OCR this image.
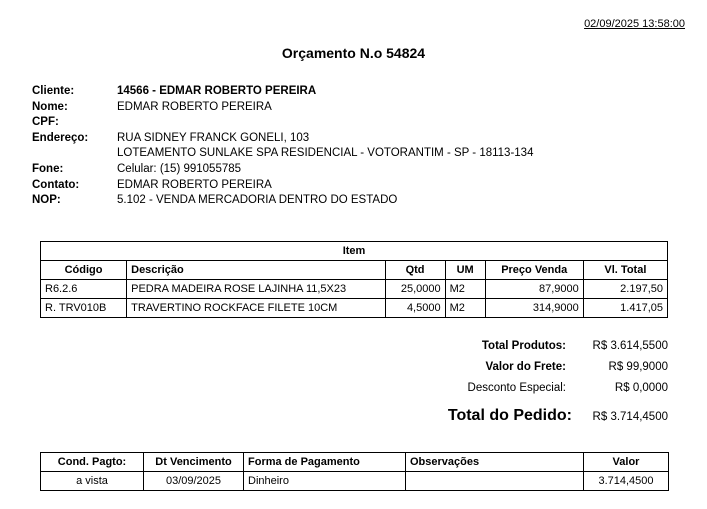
02/09/2025 13:58:00
Orçamento N.o 54824
Cliente:	14566 - EDMAR ROBERTO PEREIRA
Nome:	EDMAR ROBERTO PEREIRA
CPF:
Endereço:	RUA SIDNEY FRANCK GONELI, 103
LOTEAMENTO SUNLAKE SPA RESIDENCIAL - VOTORANTIM - SP - 18113-134
Fone:	Celular: (15) 991055785
Contato:	EDMAR ROBERTO PEREIRA
NOP:	5.102 - VENDA MERCADORIA DENTRO DO ESTADO
Item					
Código	Descrição	Qtd	UM	Preço Venda	Vl. Total
R6.2.6	PEDRA MADEIRA ROSE LAJINHA 11,5X23	25,0000	M2	87,9000	2.197,50
R. TRV010B	TRAVERTINO ROCKFACE FILETE 10CM	4,5000	M2	314,9000	1.417,05
Total Produtos:	R$ 3.614,5500
Valor do Frete:	R$ 99,9000
Desconto Especial:	R$ 0,0000
Total do Pedido:	R$ 3.714,4500
Cond. Pagto:	Dt Vencimento	Forma de Pagamento	Observações	Valor
a vista	03/09/2025	Dinheiro		3.714,4500
